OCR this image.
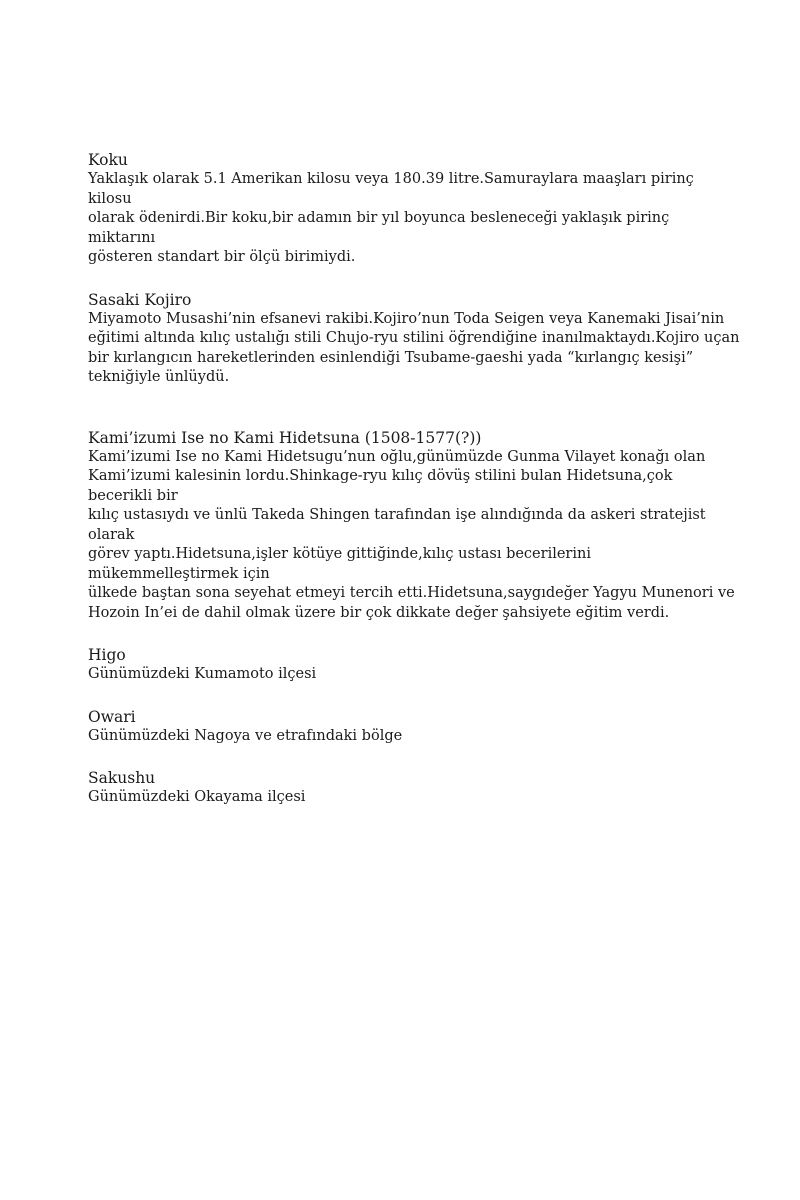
Koku

Yaklaşık olarak 5.1 Amerikan kilosu veya 180.39 litre.Samuraylara maaşları pirinç kilosu
olarak ödenirdi.Bir koku,bir adamın bir yıl boyunca besleneceği yaklaşık pirinç miktarını
gösteren standart bir ölçü birimiydi.

Sasaki Kojiro

Miyamoto Musashi’nin efsanevi rakibi.Kojiro’nun Toda Seigen veya Kanemaki Jisai’nin
eğitimi altında kılıç ustalığı stili Chujo-ryu stilini öğrendiğine inanılmaktaydı.Kojiro uçan
bir kırlangıcın hareketlerinden esinlendiği Tsubame-gaeshi yada “kırlangıç kesişi”
tekniğiyle ünlüydü.

Kami’izumi Ise no Kami Hidetsuna (1508-1577(?))

Kami’izumi Ise no Kami Hidetsugu’nun oğlu,günümüzde Gunma Vilayet konağı olan
Kami’izumi kalesinin lordu.Shinkage-ryu kılıç dövüş stilini bulan Hidetsuna,çok becerikli bir
kılıç ustasıydı ve ünlü Takeda Shingen tarafından işe alındığında da askeri stratejist olarak
görev yaptı.Hidetsuna,işler kötüye gittiğinde,kılıç ustası becerilerini mükemmelleştirmek için
ülkede baştan sona seyehat etmeyi tercih etti.Hidetsuna,saygıdeğer Yagyu Munenori ve
Hozoin In’ei de dahil olmak üzere bir çok dikkate değer şahsiyete eğitim verdi.

Higo

Günümüzdeki Kumamoto ilçesi

Owari

Günümüzdeki Nagoya ve etrafındaki bölge

Sakushu

Günümüzdeki Okayama ilçesi
